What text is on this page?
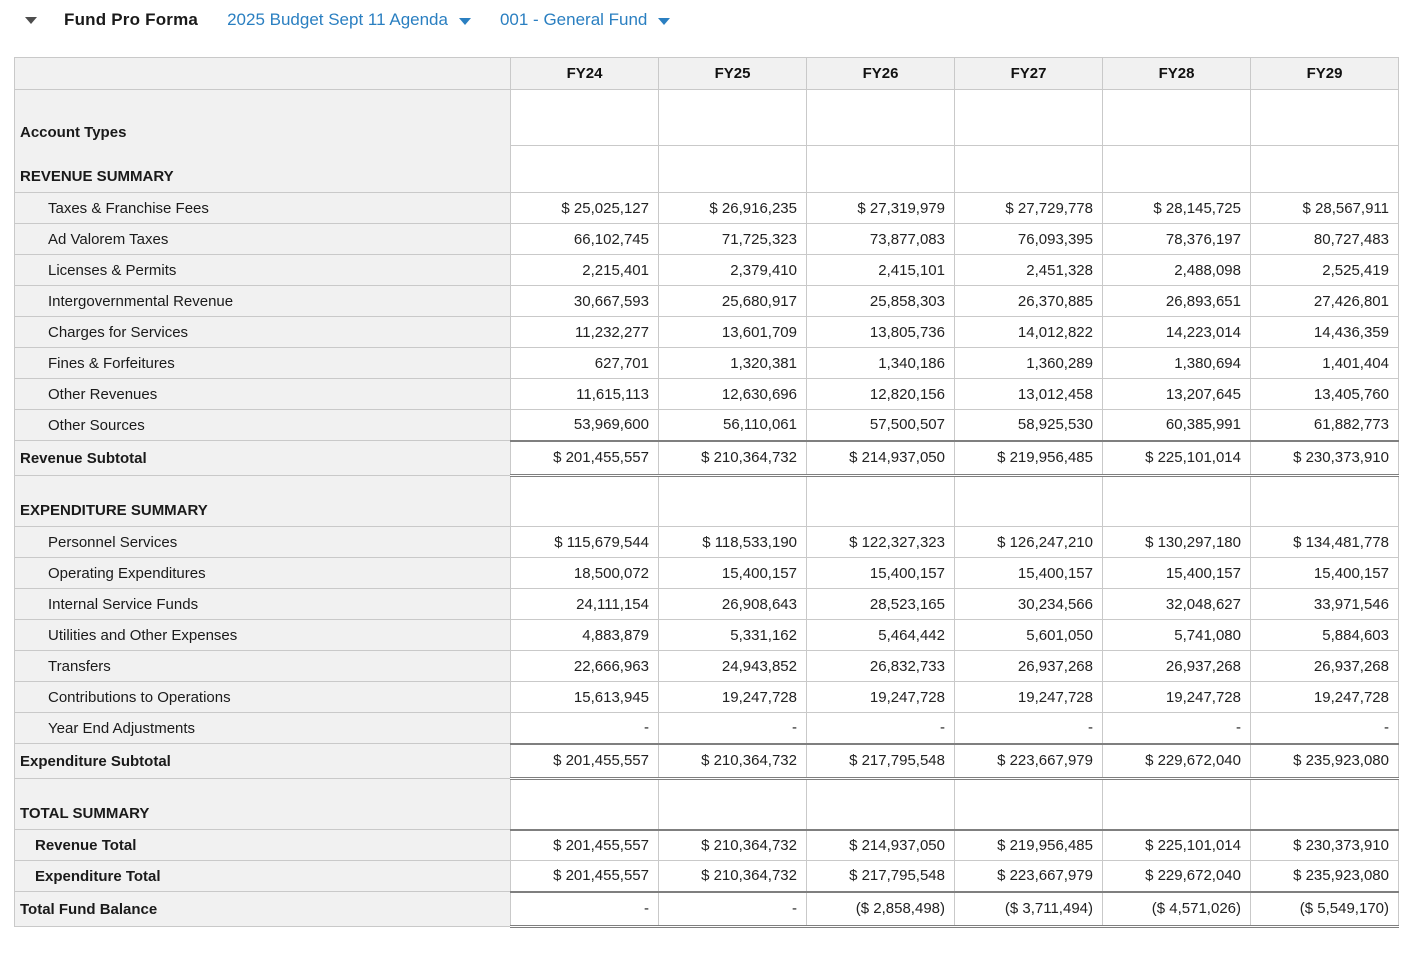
Fund Pro Forma 2025 Budget Sept 11 Agenda	001 - General Fund
	FY24	FY25	FY26	FY27	FY28	FY29

Account Types
REVENUE SUMMARY						

Taxes & Franchise Fees	$ 25,025,127	$ 26,916,235	$ 27,319,979	$ 27,729,778	$ 28,145,725	$ 28,567,911
Ad Valorem Taxes	66,102,745	71,725,323	73,877,083	76,093,395	78,376,197	80,727,483
Licenses & Permits	2,215,401	2,379,410	2,415,101	2,451,328	2,488,098	2,525,419
Intergovernmental Revenue	30,667,593	25,680,917	25,858,303	26,370,885	26,893,651	27,426,801
Charges for Services	11,232,277	13,601,709	13,805,736	14,012,822	14,223,014	14,436,359
Fines & Forfeitures	627,701	1,320,381	1,340,186	1,360,289	1,380,694	1,401,404
Other Revenues	11,615,113	12,630,696	12,820,156	13,012,458	13,207,645	13,405,760
Other Sources	53,969,600	56,110,061	57,500,507	58,925,530	60,385,991	61,882,773
Revenue Subtotal	$ 201,455,557	$ 210,364,732	$ 214,937,050	$ 219,956,485	$ 225,101,014	$ 230,373,910
EXPENDITURE SUMMARY						
Personnel Services	$ 115,679,544	$ 118,533,190	$ 122,327,323	$ 126,247,210	$ 130,297,180	$ 134,481,778
Operating Expenditures	18,500,072	15,400,157	15,400,157	15,400,157	15,400,157	15,400,157
Internal Service Funds	24,111,154	26,908,643	28,523,165	30,234,566	32,048,627	33,971,546
Utilities and Other Expenses	4,883,879	5,331,162	5,464,442	5,601,050	5,741,080	5,884,603
Transfers	22,666,963	24,943,852	26,832,733	26,937,268	26,937,268	26,937,268
Contributions to Operations	15,613,945	19,247,728	19,247,728	19,247,728	19,247,728	19,247,728
Year End Adjustments	-	-	-	-	-	-
Expenditure Subtotal	$ 201,455,557	$ 210,364,732	$ 217,795,548	$ 223,667,979	$ 229,672,040	$ 235,923,080
TOTAL SUMMARY						
Revenue Total	$ 201,455,557	$ 210,364,732	$ 214,937,050	$ 219,956,485	$ 225,101,014	$ 230,373,910
Expenditure Total	$ 201,455,557	$ 210,364,732	$ 217,795,548	$ 223,667,979	$ 229,672,040	$ 235,923,080
Total Fund Balance	-	-	($ 2,858,498)	($ 3,711,494)	($ 4,571,026)	($ 5,549,170)
